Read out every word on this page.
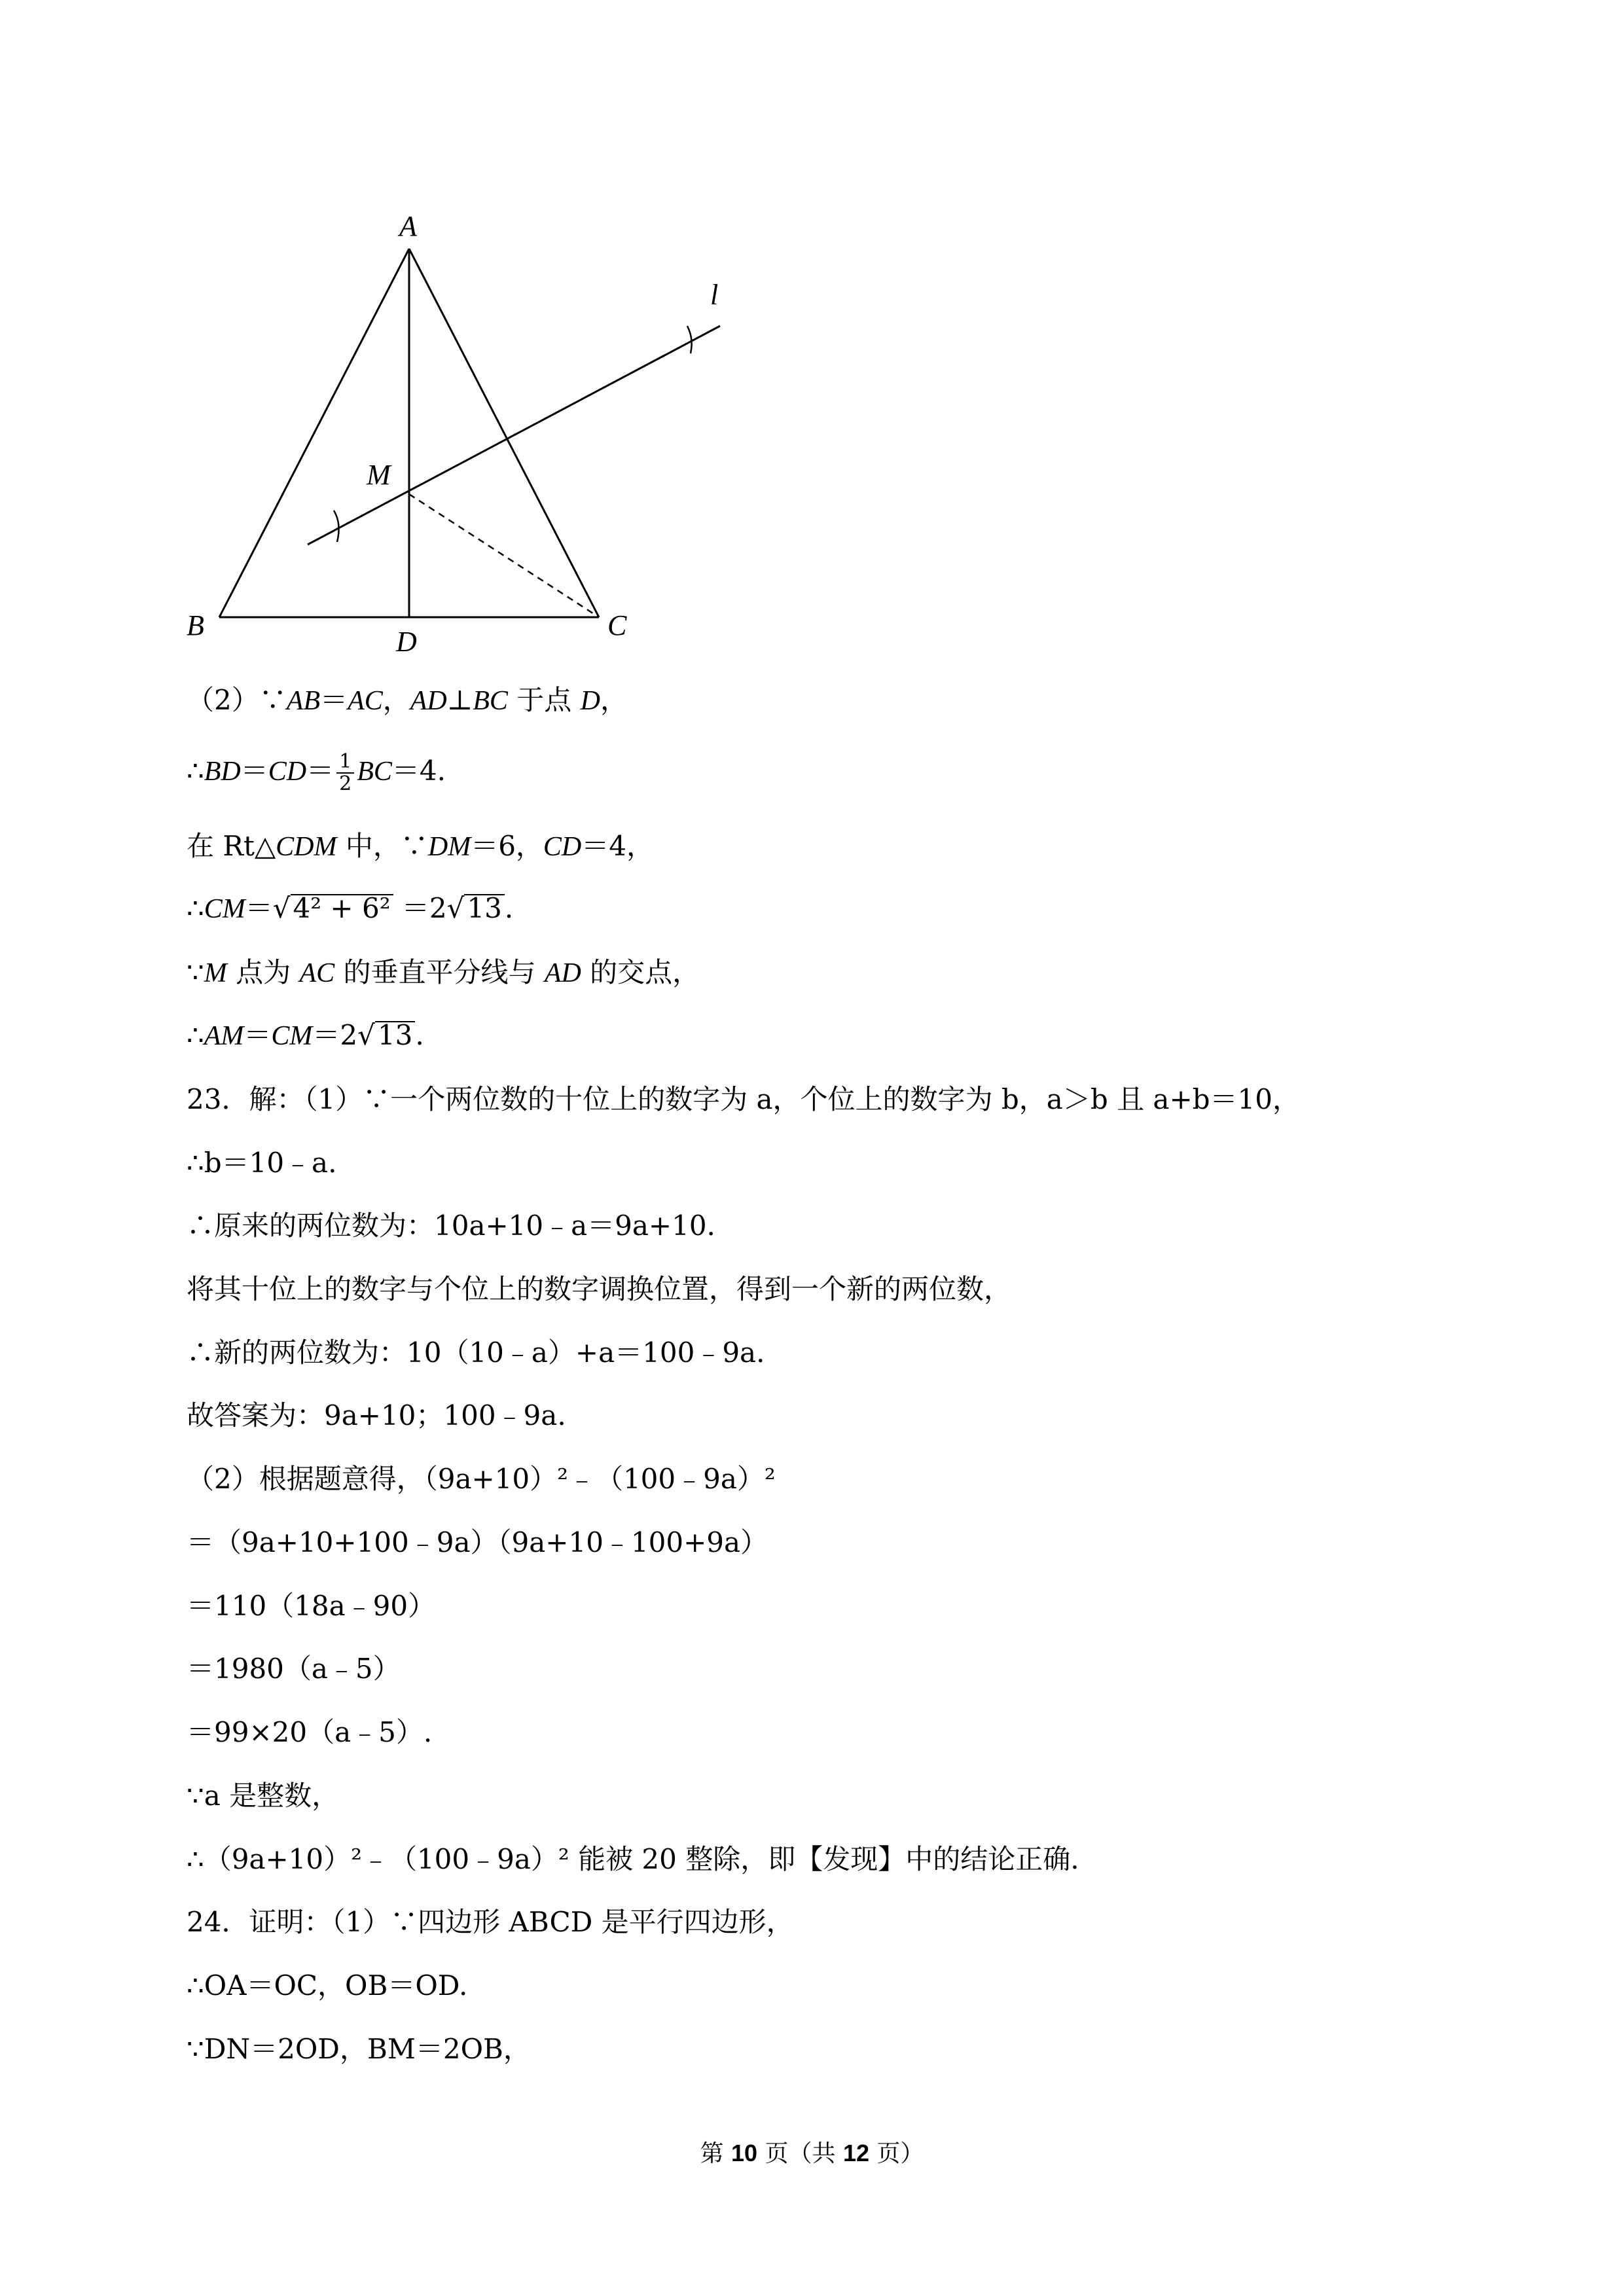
A
B	C
D
M
l
（2）∵AB＝AC，AD⊥BC 于点 D，
∴BD＝CD＝ $\frac{1}{2} BC=4$.
在 Rt△CDM 中，∵DM＝6，CD＝4，
∴CM＝√4² + 6² ＝2√13.
∵M 点为 AC 的垂直平分线与 AD 的交点，
∴AM＝CM＝2√13.
23．解：（1）∵一个两位数的十位上的数字为 a，个位上的数字为 b，a＞b 且 a+b＝10，
∴b＝10﹣a.
∴原来的两位数为：10a+10﹣a＝9a+10.
将其十位上的数字与个位上的数字调换位置，得到一个新的两位数，
∴新的两位数为：10（10﹣a）+a＝100﹣9a.
故答案为：9a+10；100﹣9a.
（2）根据题意得，（9a+10）²﹣（100﹣9a）²
＝（9a+10+100﹣9a）（9a+10﹣100+9a）
＝110（18a﹣90）
＝1980（a﹣5）
＝99×20（a﹣5）.
∵a 是整数，
∴（9a+10）²﹣（100﹣9a）² 能被 20 整除，即【发现】中的结论正确.
24．证明：（1）∵四边形 ABCD 是平行四边形，
∴OA＝OC，OB＝OD.
∵DN＝2OD，BM＝2OB，
第 10 页（共 12 页）
